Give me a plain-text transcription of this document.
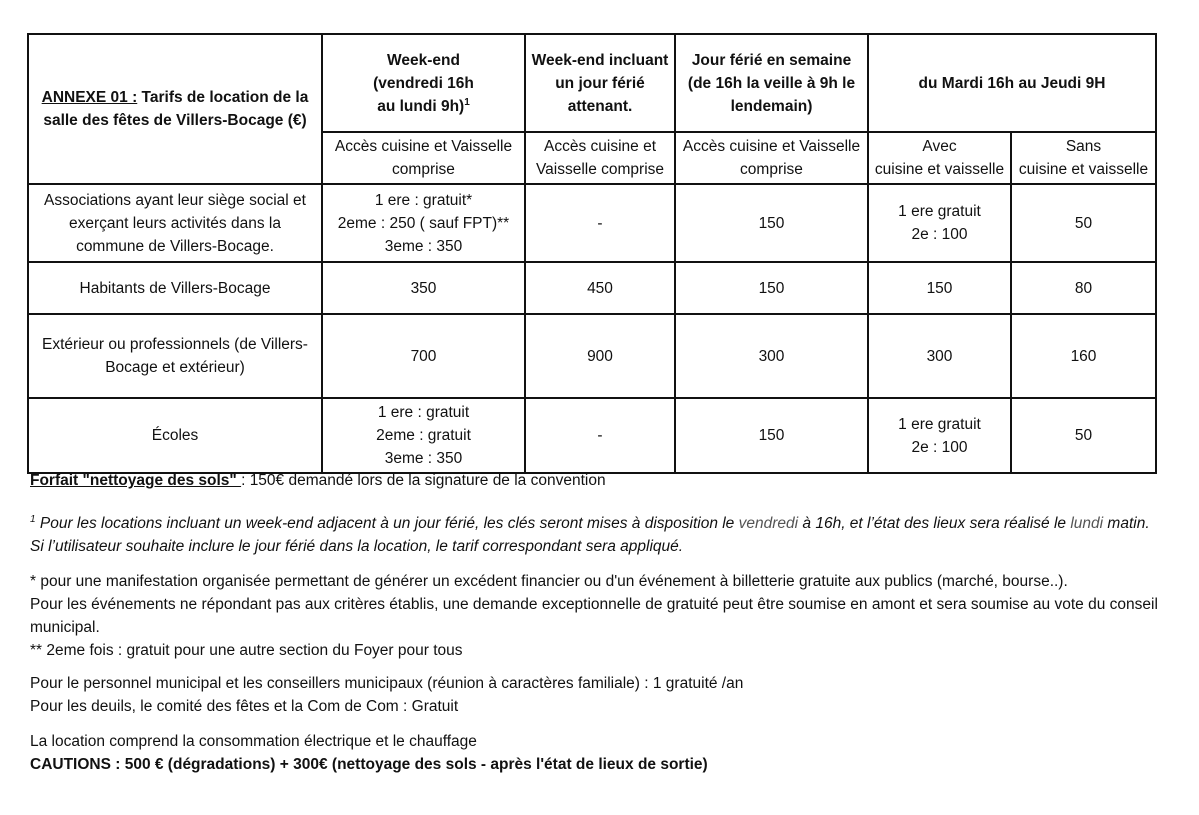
ANNEXE 01 : Tarifs de location de la salle des fêtes de Villers-Bocage (€)	Week-end
(vendredi 16h
au lundi 9h)$^1$	Week-end incluant
un jour férié
attenant.	Jour férié en semaine
(de 16h la veille à 9h le
lendemain)	du Mardi 16h au Jeudi 9H	
	Accès cuisine et Vaisselle comprise	Accès cuisine et
Vaisselle comprise	Accès cuisine et Vaisselle comprise	Avec
cuisine et vaisselle	Sans
cuisine et vaisselle
Associations ayant leur siège social et exerçant leurs activités dans la commune de Villers-Bocage.	1 ere : gratuit*
2eme : 250 ( sauf FPT)**
3eme : 350	-	150	1 ere gratuit
2e : 100	50
Habitants de Villers-Bocage	350	450	150	150	80
Extérieur ou professionnels (de Villers-Bocage et extérieur)	700	900	300	300	160
Écoles	1 ere : gratuit
2eme : gratuit
3eme : 350	-	150	1 ere gratuit
2e : 100	50

Forfait "nettoyage des sols" : 150€ demandé lors de la signature de la convention

$^1$ Pour les locations incluant un week-end adjacent à un jour férié, les clés seront mises à disposition le vendredi à 16h, et l’état des lieux sera réalisé le lundi matin. Si l’utilisateur souhaite inclure le jour férié dans la location, le tarif correspondant sera appliqué.

* pour une manifestation organisée permettant de générer un excédent financier ou d'un événement à billetterie gratuite aux publics (marché, bourse..).
Pour les événements ne répondant pas aux critères établis, une demande exceptionnelle de gratuité peut être soumise en amont et sera soumise au vote du conseil municipal.
** 2eme fois : gratuit pour une autre section du Foyer pour tous
Pour le personnel municipal et les conseillers municipaux (réunion à caractères familiale) : 1 gratuité /an
Pour les deuils, le comité des fêtes et la Com de Com : Gratuit
La location comprend la consommation électrique et le chauffage
CAUTIONS : 500 € (dégradations) + 300€ (nettoyage des sols - après l'état de lieux de sortie)
